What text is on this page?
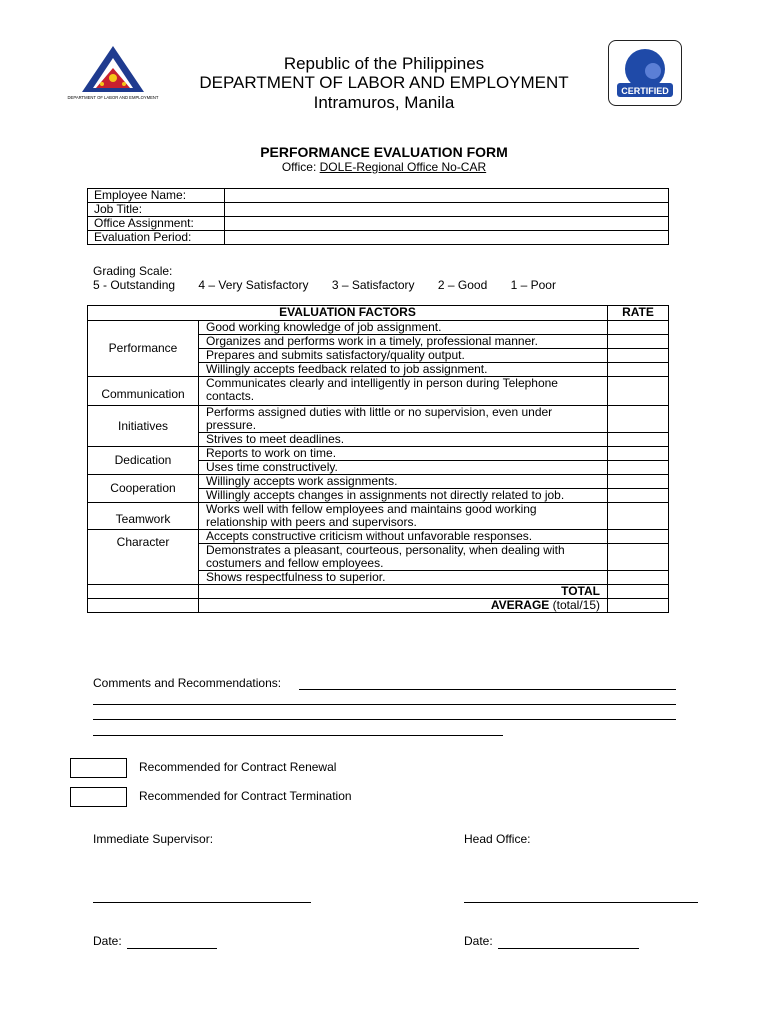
DEPARTMENT OF LABOR AND EMPLOYMENT
CERTIFIED
Republic of the Philippines
DEPARTMENT OF LABOR AND EMPLOYMENT
Intramuros, Manila
PERFORMANCE EVALUATION FORM
Office: DOLE-Regional Office No-CAR
Employee Name:	
Job Title:	
Office Assignment:	
Evaluation Period:	
Grading Scale:
5 - Outstanding 4 – Very Satisfactory 3 – Satisfactory 2 – Good 1 – Poor
EVALUATION FACTORS		RATE
Performance	Good working knowledge of job assignment.	
	Organizes and performs work in a timely, professional manner.	
	Prepares and submits satisfactory/quality output.	
	Willingly accepts feedback related to job assignment.	
Communication	Communicates clearly and intelligently in person during Telephone contacts.	
Initiatives	Performs assigned duties with little or no supervision, even under pressure.	
	Strives to meet deadlines.	
Dedication	Reports to work on time.	
	Uses time constructively.	
Cooperation	Willingly accepts work assignments.	
	Willingly accepts changes in assignments not directly related to job.	
Teamwork	Works well with fellow employees and maintains good working relationship with peers and supervisors.	
Character	Accepts constructive criticism without unfavorable responses.	
	Demonstrates a pleasant, courteous, personality, when dealing with costumers and fellow employees.	
	Shows respectfulness to superior.	
	TOTAL	
	AVERAGE (total/15)	
Comments and Recommendations:
Recommended for Contract Renewal
Recommended for Contract Termination
Immediate Supervisor:	Head Office:
Date:	Date:
